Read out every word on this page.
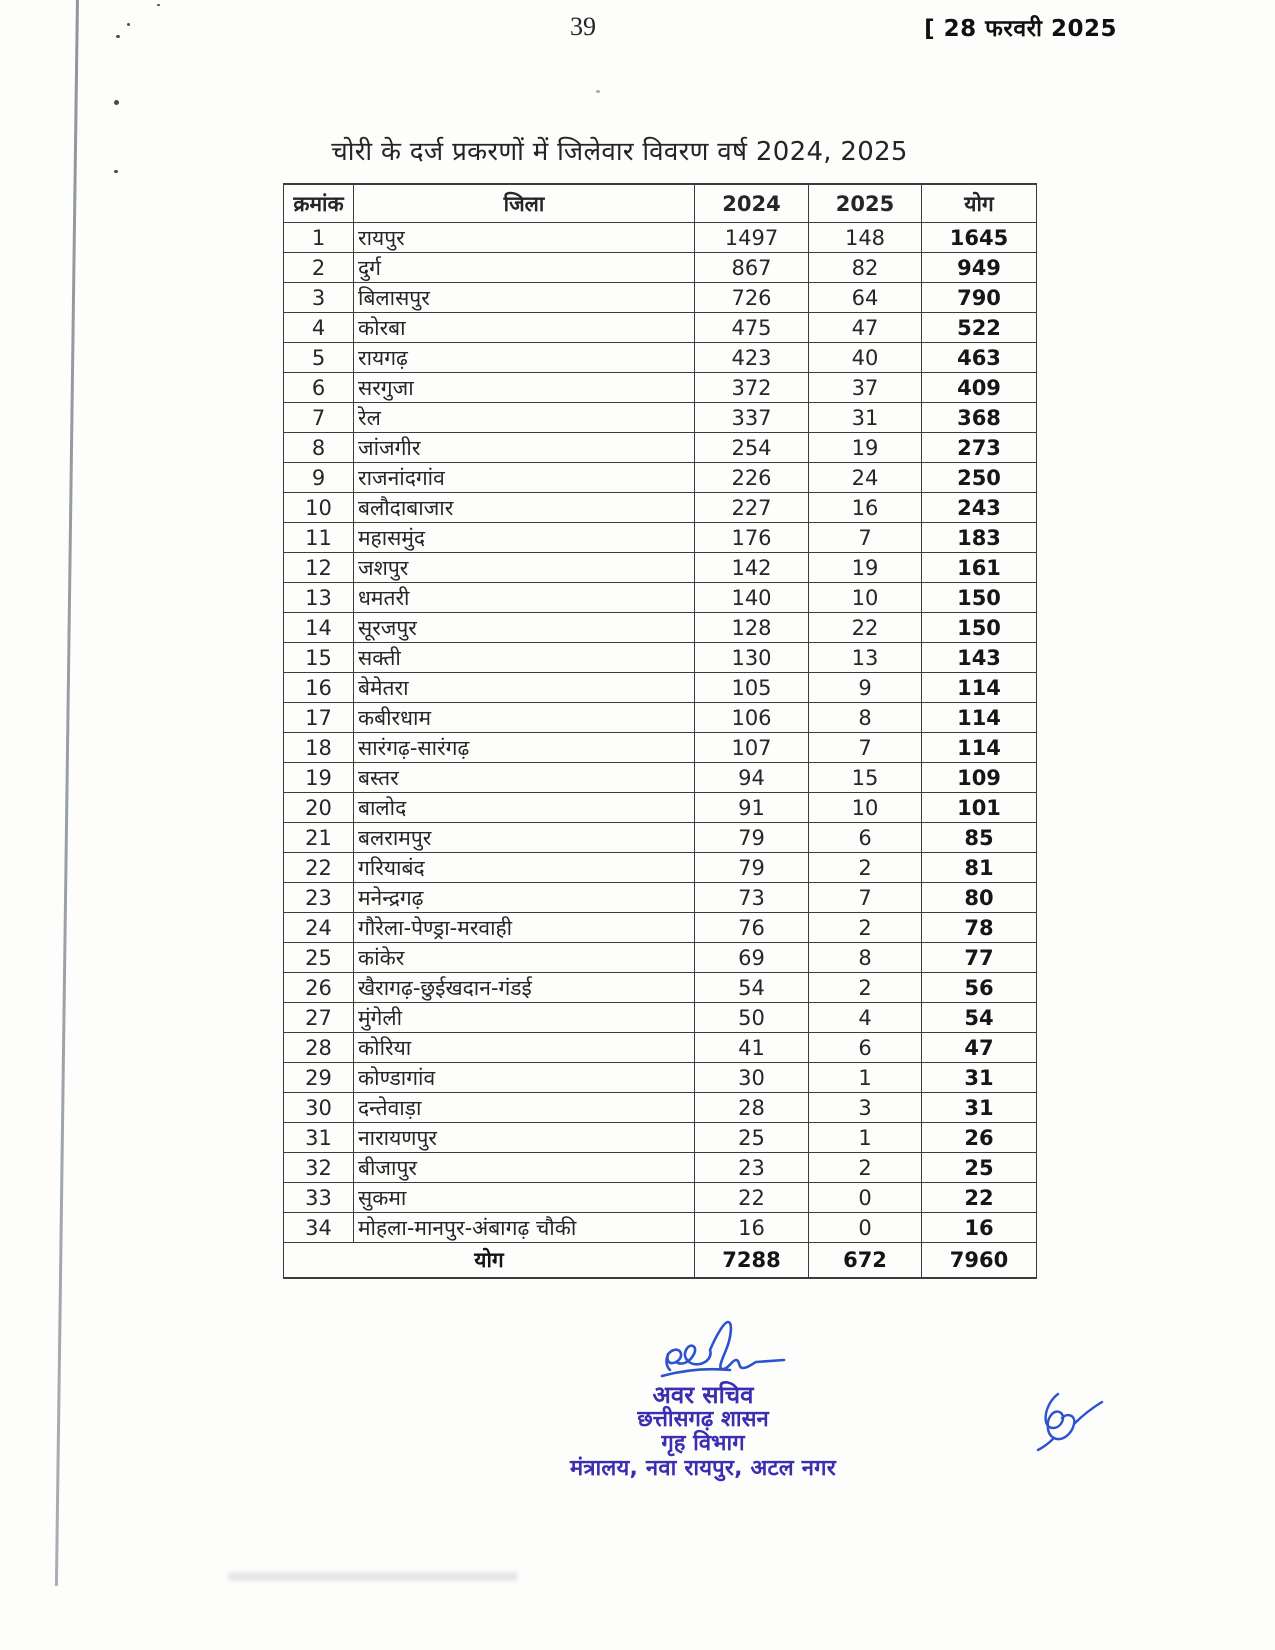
39	[ 28 फरवरी 2025
चोरी के दर्ज प्रकरणों में जिलेवार विवरण वर्ष 2024, 2025
क्रमांक	जिला	2024	2025	योग
1	रायपुर	1497	148	1645
2	दुर्ग	867	82	949
3	बिलासपुर	726	64	790
4	कोरबा	475	47	522
5	रायगढ़	423	40	463
6	सरगुजा	372	37	409
7	रेल	337	31	368
8	जांजगीर	254	19	273
9	राजनांदगांव	226	24	250
10	बलौदाबाजार	227	16	243
11	महासमुंद	176	7	183
12	जशपुर	142	19	161
13	धमतरी	140	10	150
14	सूरजपुर	128	22	150
15	सक्ती	130	13	143
16	बेमेतरा	105	9	114
17	कबीरधाम	106	8	114
18	सारंगढ़-सारंगढ़	107	7	114
19	बस्तर	94	15	109
20	बालोद	91	10	101
21	बलरामपुर	79	6	85
22	गरियाबंद	79	2	81
23	मनेन्द्रगढ़	73	7	80
24	गौरेला-पेण्ड्रा-मरवाही	76	2	78
25	कांकेर	69	8	77
26	खैरागढ़-छुईखदान-गंडई	54	2	56
27	मुंगेली	50	4	54
28	कोरिया	41	6	47
29	कोण्डागांव	30	1	31
30	दन्तेवाड़ा	28	3	31
31	नारायणपुर	25	1	26
32	बीजापुर	23	2	25
33	सुकमा	22	0	22
34	मोहला-मानपुर-अंबागढ़ चौकी	16	0	16
योग		7288	672	7960
अवर सचिव
छत्तीसगढ़ शासन
गृह विभाग
मंत्रालय, नवा रायपुर, अटल नगर
